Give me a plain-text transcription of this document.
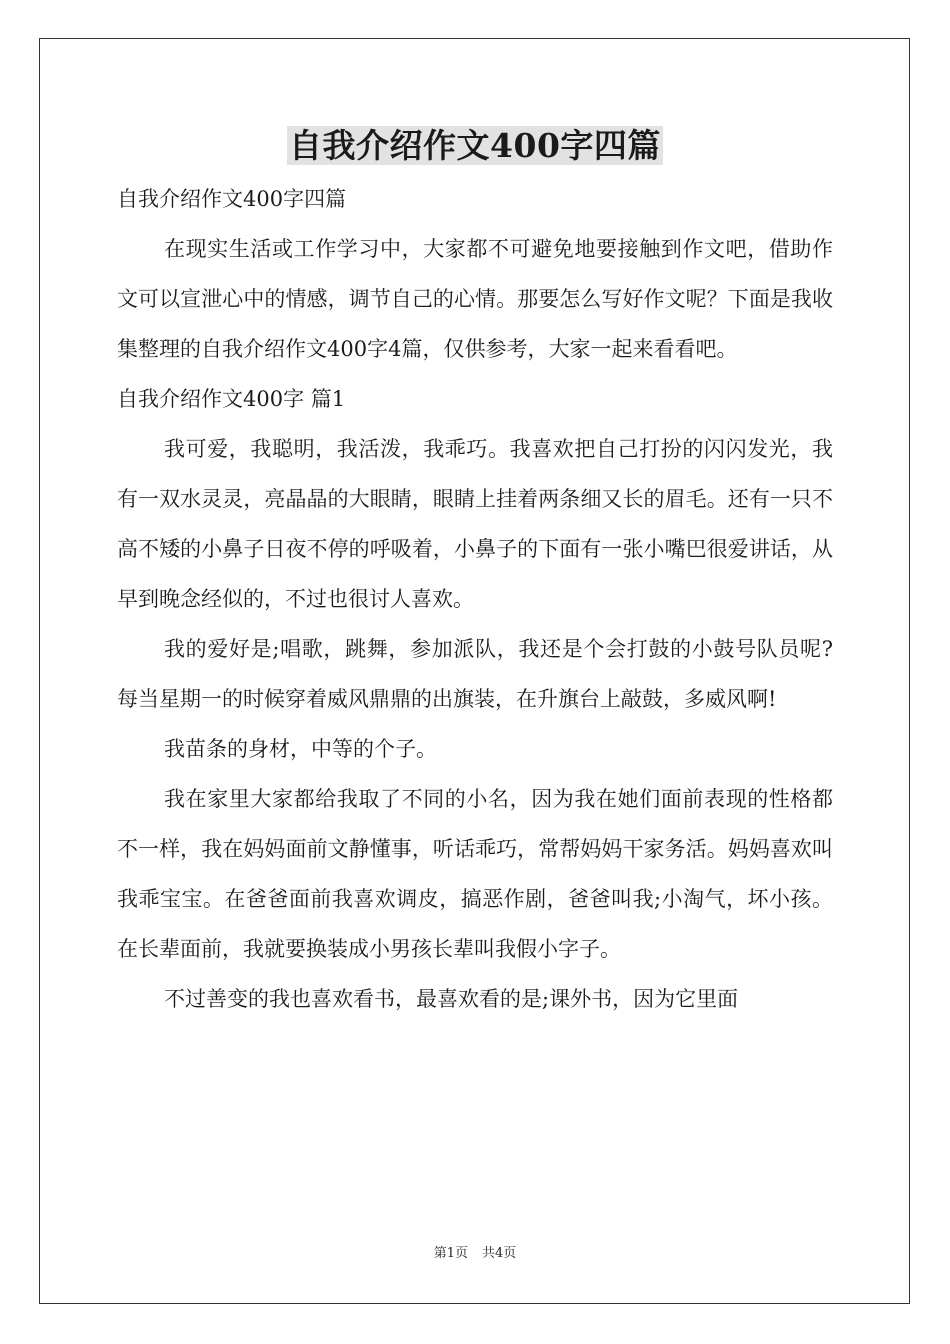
自我介绍作文400字四篇

自我介绍作文400字四篇

在现实生活或工作学习中，大家都不可避免地要接触到作文吧，借助作文可以宣泄心中的情感，调节自己的心情。那要怎么写好作文呢？下面是我收集整理的自我介绍作文400字4篇，仅供参考，大家一起来看看吧。

自我介绍作文400字 篇1

我可爱，我聪明，我活泼，我乖巧。我喜欢把自己打扮的闪闪发光，我有一双水灵灵，亮晶晶的大眼睛，眼睛上挂着两条细又长的眉毛。还有一只不高不矮的小鼻子日夜不停的呼吸着，小鼻子的下面有一张小嘴巴很爱讲话，从早到晚念经似的，不过也很讨人喜欢。

我的爱好是;唱歌，跳舞，参加派队，我还是个会打鼓的小鼓号队员呢?每当星期一的时候穿着威风鼎鼎的出旗装，在升旗台上敲鼓，多威风啊!

我苗条的身材，中等的个子。

我在家里大家都给我取了不同的小名，因为我在她们面前表现的性格都不一样，我在妈妈面前文静懂事，听话乖巧，常帮妈妈干家务活。妈妈喜欢叫我乖宝宝。在爸爸面前我喜欢调皮，搞恶作剧，爸爸叫我;小淘气，坏小孩。在长辈面前，我就要换装成小男孩长辈叫我假小字子。

不过善变的我也喜欢看书，最喜欢看的是;课外书，因为它里面

第1页 共4页
